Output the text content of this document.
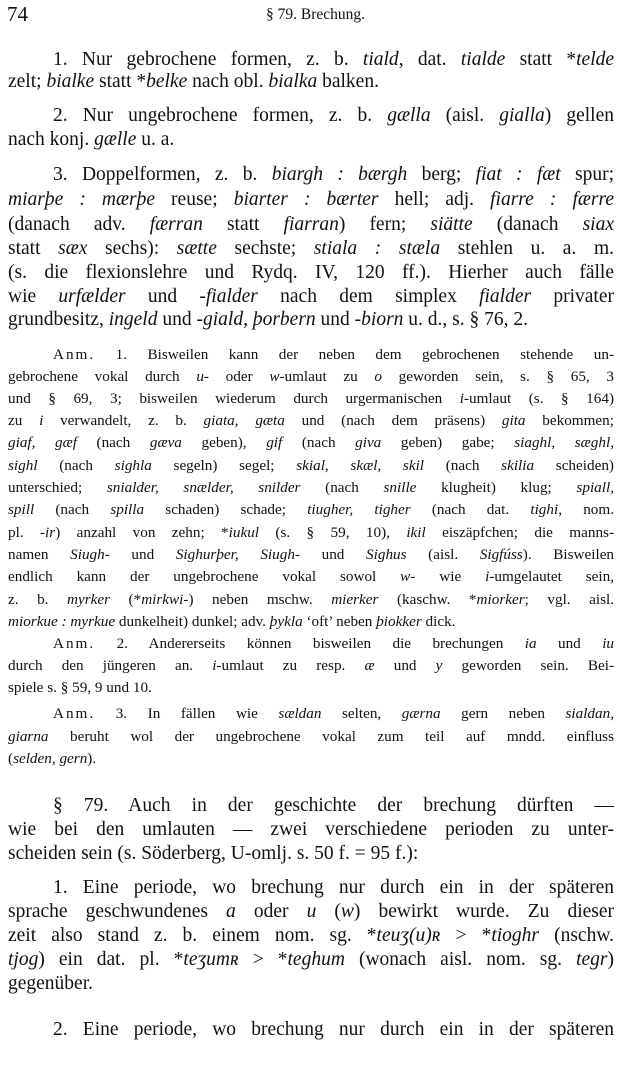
74	§ 79. Brechung.
1. Nur gebrochene formen, z. b. tiald, dat. tialde statt *telde
zelt; bialke statt *belke nach obl. bialka balken.
2. Nur ungebrochene formen, z. b. gælla (aisl. gialla) gellen
nach konj. gælle u. a.
3. Doppelformen, z. b. biargh : bærgh berg; fiat : fæt spur;
miarþe : mærþe reuse; biarter : bærter hell; adj. fiarre : færre
(danach adv. færran statt fiarran) fern; siätte (danach siax
statt sæx sechs): sætte sechste; stiala : stæla stehlen u. a. m.
(s. die flexionslehre und Rydq. IV, 120 ff.). Hierher auch fälle
wie urfælder und -fialder nach dem simplex fialder privater
grundbesitz, ingeld und -giald, þorbern und -biorn u. d., s. § 76, 2.
Anm. 1. Bisweilen kann der neben dem gebrochenen stehende un-
gebrochene vokal durch u- oder w-umlaut zu o geworden sein, s. § 65, 3
und § 69, 3; bisweilen wiederum durch urgermanischen i-umlaut (s. § 164)
zu i verwandelt, z. b. giata, gæta und (nach dem präsens) gita bekommen;
giaf, gæf (nach gæva geben), gif (nach giva geben) gabe; siaghl, sæghl,
sighl (nach sighla segeln) segel; skial, skæl, skil (nach skilia scheiden)
unterschied; snialder, snælder, snilder (nach snille klugheit) klug; spiall,
spill (nach spilla schaden) schade; tiugher, tigher (nach dat. tighi, nom.
pl. -ir) anzahl von zehn; *iukul (s. § 59, 10), ikil eiszäpfchen; die manns-
namen Siugh- und Sighurþer, Siugh- und Sighus (aisl. Sigfúss). Bisweilen
endlich kann der ungebrochene vokal sowol w- wie i-umgelautet sein,
z. b. myrker (*mirkwi-) neben mschw. mierker (kaschw. *miorker; vgl. aisl.
miorkue : myrkue dunkelheit) dunkel; adv. þykla ‘oft’ neben þiokker dick.
Anm. 2. Andererseits können bisweilen die brechungen ia und iu
durch den jüngeren an. i-umlaut zu resp. æ und y geworden sein. Bei-
spiele s. § 59, 9 und 10.
Anm. 3. In fällen wie sældan selten, gærna gern neben sialdan,
giarna beruht wol der ungebrochene vokal zum teil auf mndd. einfluss
(selden, gern).
§ 79. Auch in der geschichte der brechung dürften —
wie bei den umlauten — zwei verschiedene perioden zu unter-
scheiden sein (s. Söderberg, U-omlj. s. 50 f. = 95 f.):
1. Eine periode, wo brechung nur durch ein in der späteren
sprache geschwundenes a oder u (w) bewirkt wurde. Zu dieser
zeit also stand z. b. einem nom. sg. *teuʒ(u)ʀ > *tioghr (nschw.
tjog) ein dat. pl. *teʒumʀ > *teghum (wonach aisl. nom. sg. tegr)
gegenüber.
2. Eine periode, wo brechung nur durch ein in der späteren
